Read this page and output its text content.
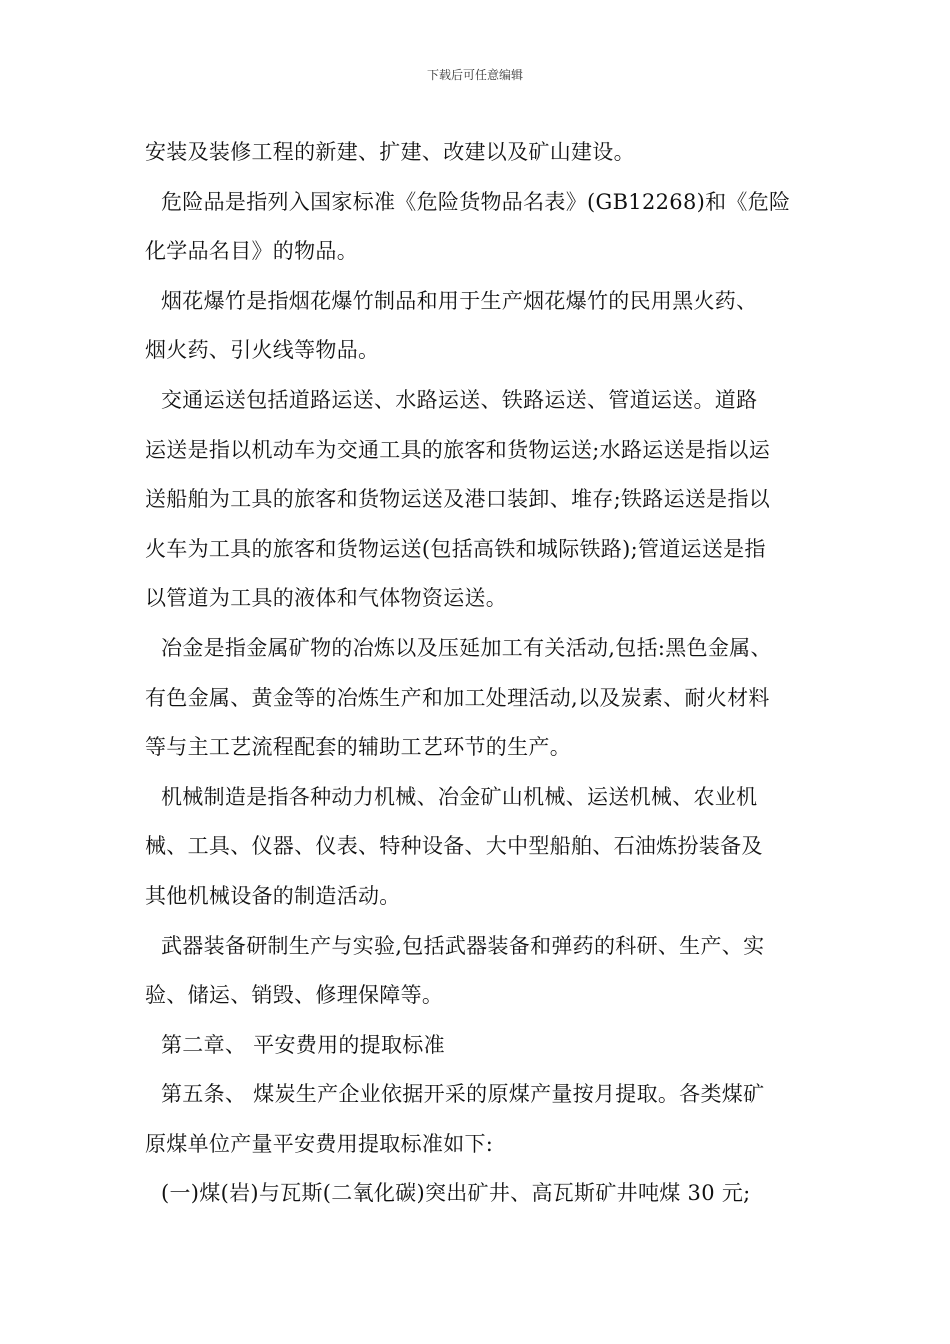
下载后可任意编辑
安装及装修工程的新建、扩建、改建以及矿山建设。
危险品是指列入国家标准《危险货物品名表》(GB12268)和《危险
化学品名目》的物品。
烟花爆竹是指烟花爆竹制品和用于生产烟花爆竹的民用黑火药、
烟火药、引火线等物品。
交通运送包括道路运送、水路运送、铁路运送、管道运送。道路
运送是指以机动车为交通工具的旅客和货物运送;水路运送是指以运
送船舶为工具的旅客和货物运送及港口装卸、堆存;铁路运送是指以
火车为工具的旅客和货物运送(包括高铁和城际铁路);管道运送是指
以管道为工具的液体和气体物资运送。
冶金是指金属矿物的冶炼以及压延加工有关活动,包括:黑色金属、
有色金属、黄金等的冶炼生产和加工处理活动,以及炭素、耐火材料
等与主工艺流程配套的辅助工艺环节的生产。
机械制造是指各种动力机械、冶金矿山机械、运送机械、农业机
械、工具、仪器、仪表、特种设备、大中型船舶、石油炼扮装备及
其他机械设备的制造活动。
武器装备研制生产与实验,包括武器装备和弹药的科研、生产、实
验、储运、销毁、修理保障等。
第二章、 平安费用的提取标准
第五条、 煤炭生产企业依据开采的原煤产量按月提取。各类煤矿
原煤单位产量平安费用提取标准如下:
(一)煤(岩)与瓦斯(二氧化碳)突出矿井、高瓦斯矿井吨煤 30 元;
